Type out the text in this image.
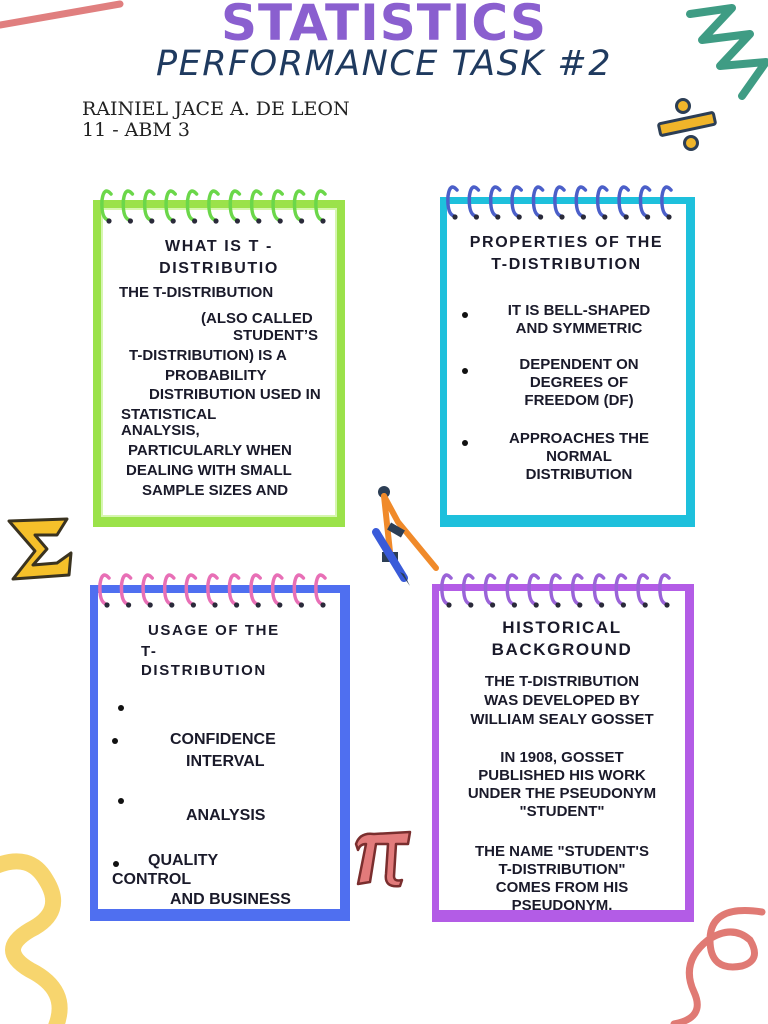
STATISTICS
PERFORMANCE TASK #2
RAINIEL JACE A. DE LEON
11 - ABM 3
WHAT IS T -
DISTRIBUTIO
THE T-DISTRIBUTION
(ALSO CALLED
STUDENT’S
T-DISTRIBUTION) IS A
PROBABILITY
DISTRIBUTION USED IN
STATISTICAL
ANALYSIS,
PARTICULARLY WHEN
DEALING WITH SMALL
SAMPLE SIZES AND
PROPERTIES OF THE
T-DISTRIBUTION
IT IS BELL-SHAPED
AND SYMMETRIC
DEPENDENT ON
DEGREES OF
FREEDOM (DF)
APPROACHES THE
NORMAL
DISTRIBUTION
USAGE OF THE
T-
DISTRIBUTION
CONFIDENCE
INTERVAL
ANALYSIS
QUALITY
CONTROL
AND BUSINESS
HISTORICAL
BACKGROUND
THE T-DISTRIBUTION
WAS DEVELOPED BY
WILLIAM SEALY GOSSET
IN 1908, GOSSET
PUBLISHED HIS WORK
UNDER THE PSEUDONYM
"STUDENT"
THE NAME "STUDENT'S
T-DISTRIBUTION"
COMES FROM HIS
PSEUDONYM.
